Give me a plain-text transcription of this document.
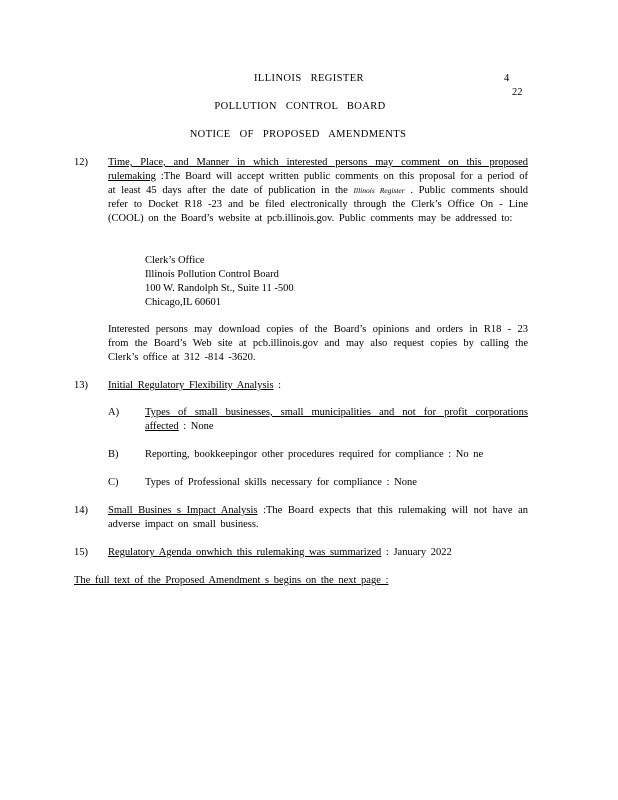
ILLINOIS REGISTER	4
22
POLLUTION CONTROL BOARD
NOTICE OF PROPOSED AMENDMENTS
12)	Time, Place, and Manner in which interested persons may comment on this proposed rulemaking :The Board will accept written public comments on this proposal for a period of at least 45 days after the date of publication in the Illinois Register . Public comments should refer to Docket R18 -23 and be filed electronically through the Clerk’s Office On - Line (COOL) on the Board’s website at pcb.illinois.gov. Public comments may be addressed to:
Clerk’s Office
Illinois Pollution Control Board
100 W. Randolph St., Suite 11 -500
Chicago,IL 60601
Interested persons may download copies of the Board’s opinions and orders in R18 - 23 from the Board’s Web site at pcb.illinois.gov and may also request copies by calling the Clerk’s office at 312 -814 -3620.
13)	Initial Regulatory Flexibility Analysis :
A)	Types of small businesses, small municipalities and not for profit corporations affected : None
B)	Reporting, bookkeepingor other procedures required for compliance : No ne
C)	Types of Professional skills necessary for compliance : None
14)	Small Busines s Impact Analysis :The Board expects that this rulemaking will not have an adverse impact on small business.
15)	Regulatory Agenda onwhich this rulemaking was summarized : January 2022
The full text of the Proposed Amendment s begins on the next page :
